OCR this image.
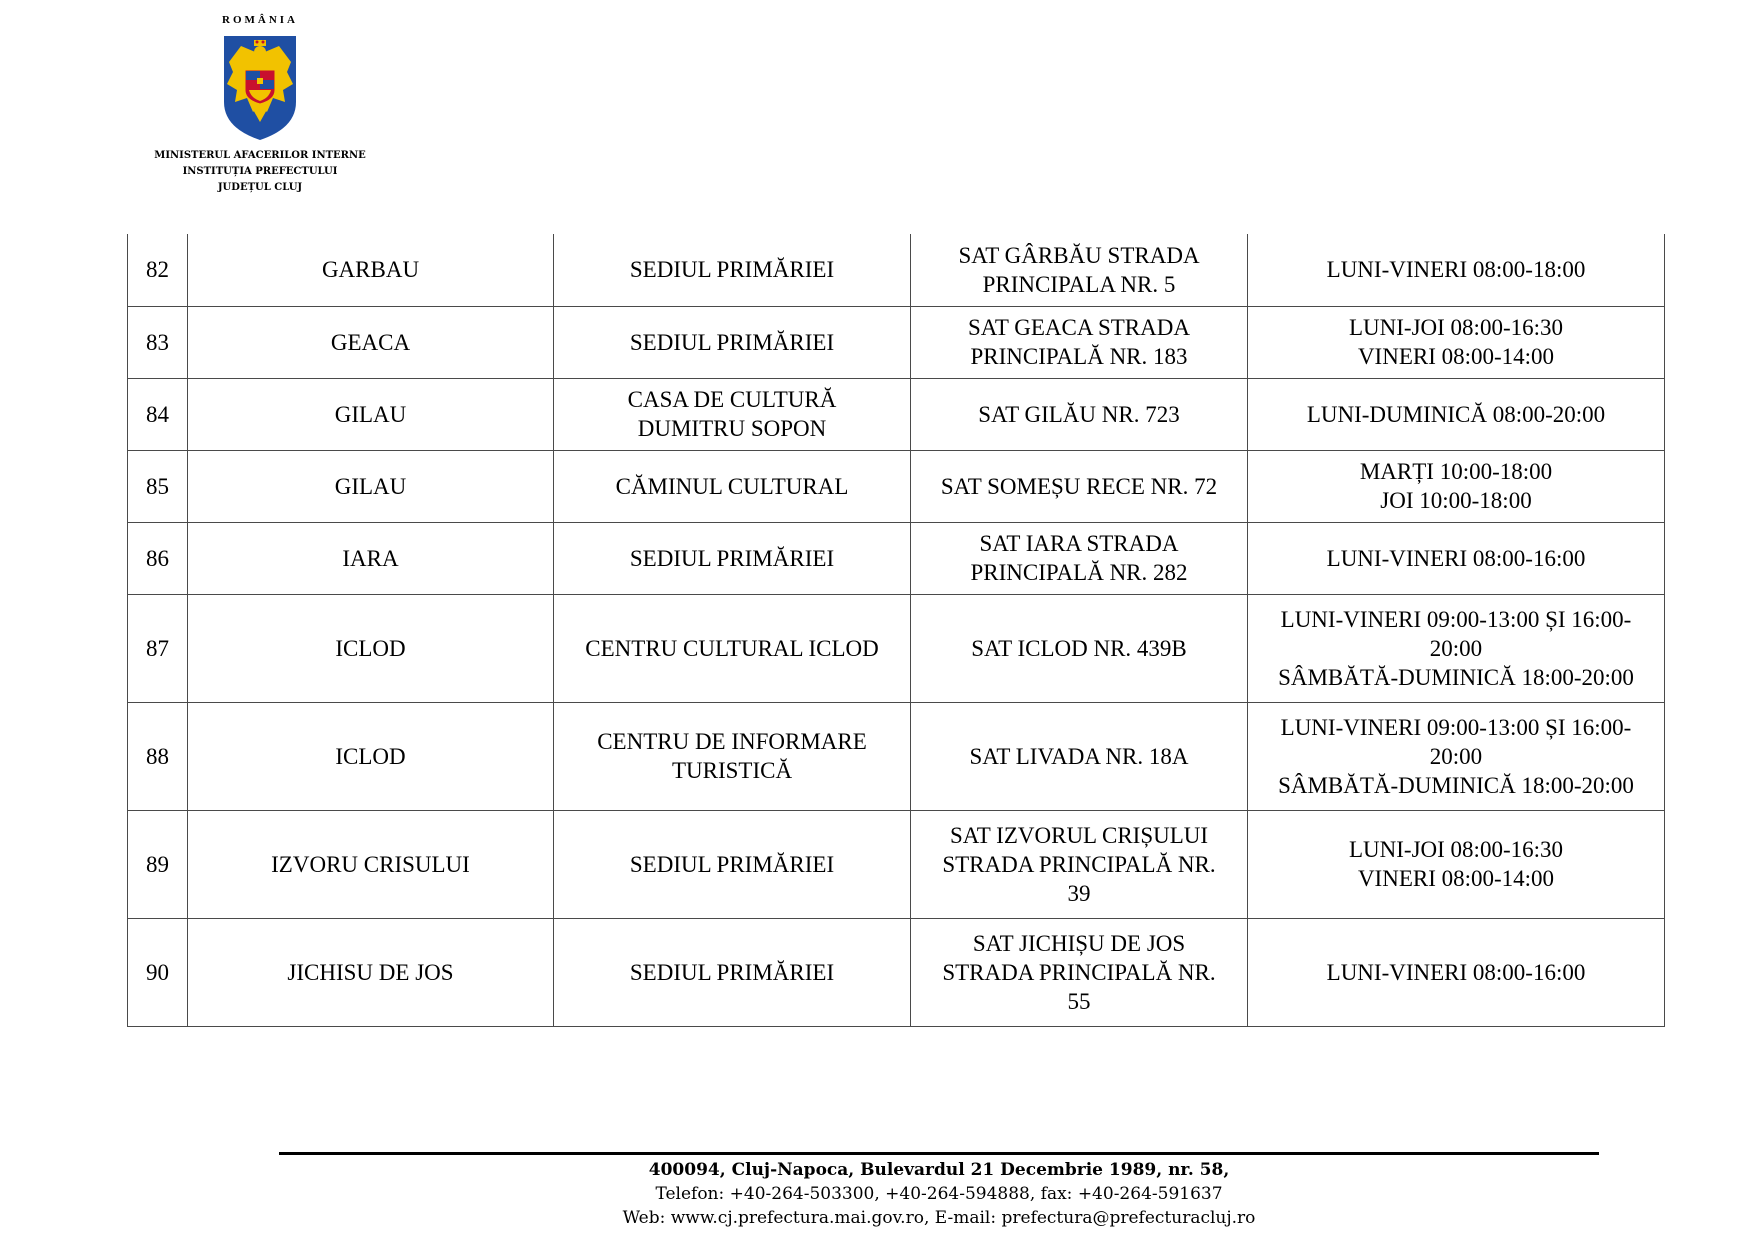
ROMÂNIA
MINISTERUL AFACERILOR INTERNE
INSTITUȚIA PREFECTULUI
JUDEȚUL CLUJ
82	GARBAU	SEDIUL PRIMĂRIEI	SAT GÂRBĂU STRADA
PRINCIPALA NR. 5	LUNI-VINERI 08:00-18:00

83	GEACA	SEDIUL PRIMĂRIEI	SAT GEACA STRADA
PRINCIPALĂ NR. 183	LUNI-JOI 08:00-16:30
VINERI 08:00-14:00

84	GILAU	CASA DE CULTURĂ
DUMITRU SOPON	SAT GILĂU NR. 723	LUNI-DUMINICĂ 08:00-20:00

85	GILAU	CĂMINUL CULTURAL	SAT SOMEȘU RECE NR. 72	MARȚI 10:00-18:00
JOI 10:00-18:00

86	IARA	SEDIUL PRIMĂRIEI	SAT IARA STRADA
PRINCIPALĂ NR. 282	LUNI-VINERI 08:00-16:00

87	ICLOD	CENTRU CULTURAL ICLOD	SAT ICLOD NR. 439B	LUNI-VINERI 09:00-13:00 ȘI 16:00-
20:00
SÂMBĂTĂ-DUMINICĂ 18:00-20:00

88	ICLOD	CENTRU DE INFORMARE
TURISTICĂ	SAT LIVADA NR. 18A	LUNI-VINERI 09:00-13:00 ȘI 16:00-
20:00
SÂMBĂTĂ-DUMINICĂ 18:00-20:00

89	IZVORU CRISULUI	SEDIUL PRIMĂRIEI	SAT IZVORUL CRIȘULUI
STRADA PRINCIPALĂ NR.
39	LUNI-JOI 08:00-16:30
VINERI 08:00-14:00

90	JICHISU DE JOS	SEDIUL PRIMĂRIEI	SAT JICHIȘU DE JOS
STRADA PRINCIPALĂ NR.
55	LUNI-VINERI 08:00-16:00
400094, Cluj-Napoca, Bulevardul 21 Decembrie 1989, nr. 58,
Telefon: +40-264-503300, +40-264-594888, fax: +40-264-591637
Web: www.cj.prefectura.mai.gov.ro, E-mail: prefectura@prefecturacluj.ro
